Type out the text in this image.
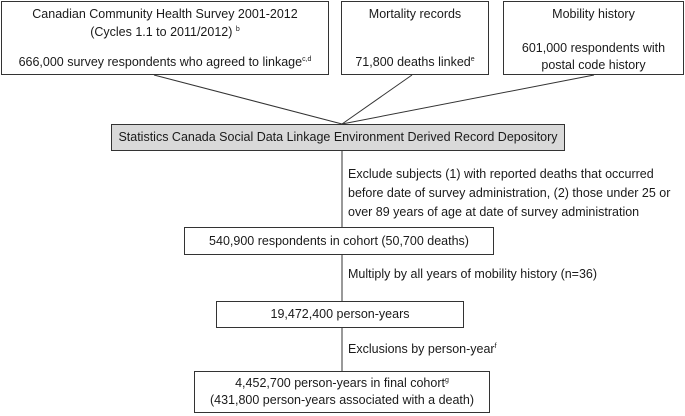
Canadian Community Health Survey 2001-2012
(Cycles 1.1 to 2011/2012) $^b$
666,000 survey respondents who agreed to linkage$^{c,d}$
Mortality records
71,800 deaths linked$^e$
Mobility history
601,000 respondents with
postal code history
Statistics Canada Social Data Linkage Environment Derived Record Depository
Exclude subjects (1) with reported deaths that occurred
before date of survey administration, (2) those under 25 or
over 89 years of age at date of survey administration
540,900 respondents in cohort (50,700 deaths)
Multiply by all years of mobility history (n=36)
19,472,400 person-years
Exclusions by person-year$^f$
4,452,700 person-years in final cohort$^g$
(431,800 person-years associated with a death)
